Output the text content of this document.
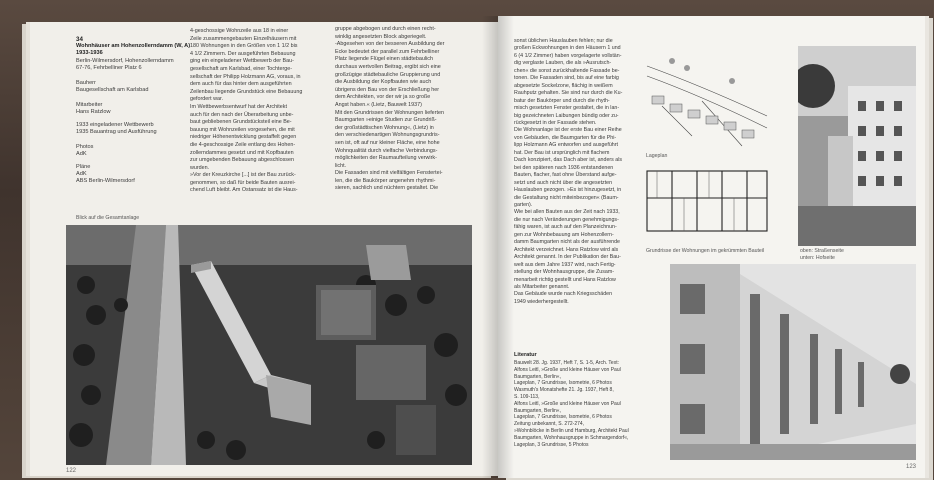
34
Wohnhäuser am Hohenzollerndamm (W, A)
1933-1936
Berlin-Wilmersdorf, Hohenzollerndamm
67-76, Fehrbelliner Platz 6
Bauherr
Baugesellschaft am Karlsbad
Mitarbeiter
Hans Ratzlow
1933 eingeladener Wettbewerb
1935 Bauantrag und Ausführung
Photos
AdK
Pläne
AdK
ABS Berlin-Wilmersdorf
4-geschossige Wohnzeile aus 18 in einer
Zeile zusammengebauten Einzelhäusern mit
180 Wohnungen in den Größen von 1 1/2 bis
4 1/2 Zimmern. Der ausgeführten Bebauung
ging ein eingeladener Wettbewerb der Bau-
gesellschaft am Karlsbad, einer Tochterge-
sellschaft der Philipp Holzmann AG, voraus, in
dem auch für das hinter dem ausgeführten
Zeilenbau liegende Grundstück eine Bebauung
gefordert war.
Im Wettbewerbsentwurf hat der Architekt
auch für den nach der Überarbeitung unbe-
baut gebliebenen Grundstücksteil eine Be-
bauung mit Wohnzeilen vorgesehen, die mit
niedriger Höhenentwicklung gestaffelt gegen
die 4-geschossige Zeile entlang des Hohen-
zollerndammes gesetzt und mit Kopfbauten
zur umgebenden Bebauung abgeschlossen
wurden.
»Vor der Kreuzkirche [...] ist der Bau zurück-
genommen, so daß für beide Bauten ausrei-
chend Luft bleibt. Am Ostansatz ist die Haus-
gruppe abgebogen und durch einen recht-
winklig angesetzten Block abgeriegelt.
-Abgesehen von der besseren Ausbildung der
Ecke bedeutet der parallel zum Fehrbelliner
Platz liegende Flügel einen städtebaulich
durchaus wertvollen Beitrag, ergibt sich eine
großzügige städtebauliche Gruppierung und
die Ausbildung der Kopfbauten wie auch
übrigens den Bau von der Erschließung her
dem Architekten, vor der wir ja so große
Angst haben.« (Lietz, Bauwelt 1937)
Mit den Grundrissen der Wohnungen lieferten
Baumgarten »einige Studien zur Grundriß-
der großstädtischen Wohnung«, (Lietz) in
den verschiedenartigen Wohnungsgrundris-
sen ist, oft auf nur kleiner Fläche, eine hohe
Wohnqualität durch vielfache Verbindungs-
möglichkeiten der Raumaufteilung verwirk-
licht.
Die Fassaden sind mit vielfältigen Fenstertei-
len, die die Baukörper angenehm rhythmi-
sieren, sachlich und nüchtern gestaltet. Die
Blick auf die Gesamtanlage
122
sonst üblichen Hauslauben fehlen; nur die
großen Eckwohnungen in den Häusern 1 und
6 (4 1/2 Zimmer) haben vorgelagerte vollstän-
dig verglaste Lauben, die als »Ausrutsch-
chen« die sonst zurückhaltende Fassade be-
tonen. Die Fassaden sind, bis auf eine farbig
abgesetzte Sockelzone, flächig in weißem
Rauhputz gehalten. Sie sind nur durch die Ku-
batur der Baukörper und durch die rhyth-
misch gesetzten Fenster gestaltet, die in lan-
big gezeichneten Laibungen bündig oder zu-
rückgesetzt in der Fassade stehen.
Die Wohnanlage ist der erste Bau einer Reihe
von Gebäuden, die Baumgarten für die Phi-
lipp Holzmann AG entworfen und ausgeführt
hat. Der Bau ist ursprünglich mit flachem
Dach konzipiert, das Dach aber ist, anders als
bei den späteren nach 1936 entstandenen
Bauten, flacher, fast ohne Überstand aufge-
setzt und auch nicht über die angesetzten
Hauslauben gezogen. »Es ist hinzugesetzt, in
die Gestaltung nicht miteinbezogen« (Baum-
garten).
Wie bei allen Bauten aus der Zeit nach 1933,
die nur nach Veränderungen genehmigungs-
fähig waren, ist auch auf den Planzeichnun-
gen zur Wohnbebauung am Hohenzollern-
damm Baumgarten nicht als der ausführende
Architekt verzeichnet. Hans Ratzlow wird als
Architekt genannt. In der Publikation der Bau-
welt aus dem Jahre 1937 wird, nach Fertig-
stellung der Wohnhausgruppe, die Zusam-
menarbeit richtig gestellt und Hans Ratzlow
als Mitarbeiter genannt.
Das Gebäude wurde nach Kriegsschäden
1949 wiederhergestellt.
Literatur
Bauwelt 28. Jg. 1937, Heft 7, S. 1-5, Arch. Text:
Alfons Leitl, »Große und kleine Häuser von Paul
Baumgarten, Berlin«,
Lageplan, 7 Grundrisse, Isometrie, 6 Photos
Wasmuth's Monatshefte 21. Jg. 1937, Heft 8,
S. 109-113,
Alfons Leitl, »Große und kleine Häuser von Paul
Baumgarten, Berlin«,
Lageplan, 7 Grundrisse, Isometrie, 6 Photos
Zeitung unbekannt, S. 272-274,
»Wohnblöcke in Berlin und Hamburg, Architekt Paul
Baumgarten, Wohnhausgruppe in Schmargendorf«,
Lageplan, 3 Grundrisse, 5 Photos
Lageplan
Grundrisse der Wohnungen im gekrümmten Bauteil	oben: Straßenseite
unten: Hofseite
123
